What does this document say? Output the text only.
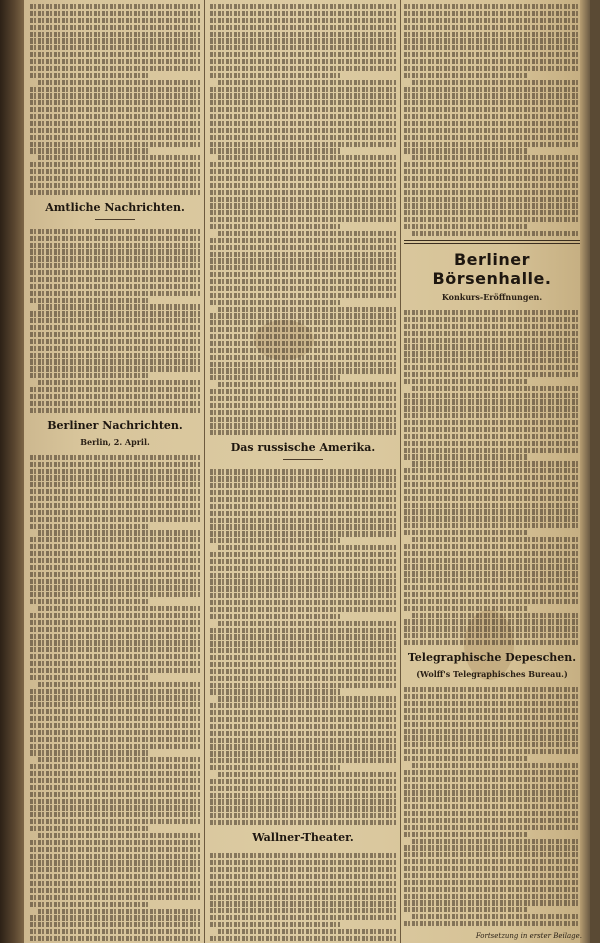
Amtliche Nachrichten.
Berliner Nachrichten.
Berlin, 2. April.	Das russische Amerika.
Wallner-Theater.
Berliner Börsenhalle.
Konkurs-Eröffnungen.
Telegraphische Depeschen.
(Wolff's Telegraphisches Bureau.)
Fortsetzung in erster Beilage.
